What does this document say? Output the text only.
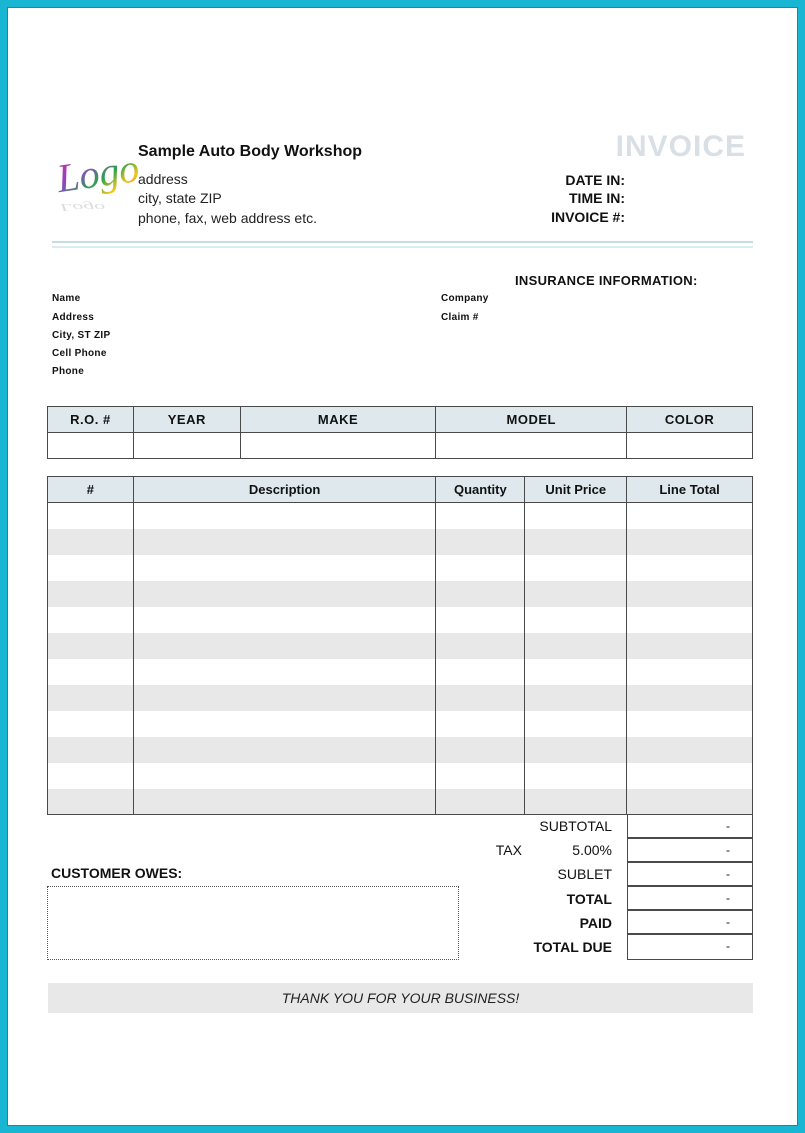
Logo
Logo
Sample Auto Body Workshop
address
city, state ZIP
phone, fax, web address etc.
INVOICE
DATE IN:
TIME IN:
INVOICE #:
INSURANCE INFORMATION:
Name
Address
City, ST ZIP
Cell Phone
Phone
Company
Claim #
R.O. #	YEAR	MAKE	MODEL	COLOR

#	Description	Quantity	Unit Price	Line Total

SUBTOTAL	-
TAX	5.00%	-
SUBLET	-
TOTAL	-
PAID	-
TOTAL DUE	-
CUSTOMER OWES:
THANK YOU FOR YOUR BUSINESS!
